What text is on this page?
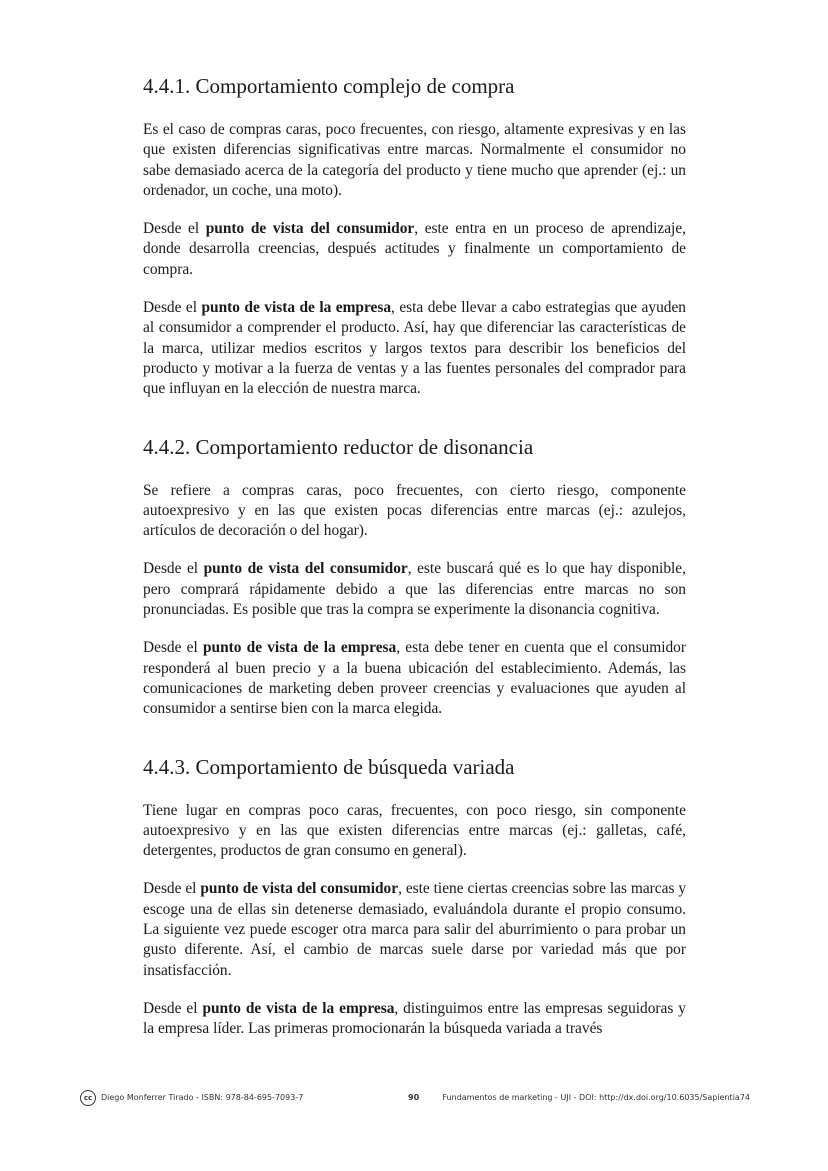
4.4.1. Comportamiento complejo de compra

Es el caso de compras caras, poco frecuentes, con riesgo, altamente expresivas y en las que existen diferencias significativas entre marcas. Normalmente el consumidor no sabe demasiado acerca de la categoría del producto y tiene mucho que aprender (ej.: un ordenador, un coche, una moto).

Desde el punto de vista del consumidor, este entra en un proceso de aprendizaje, donde desarrolla creencias, después actitudes y finalmente un comportamiento de compra.

Desde el punto de vista de la empresa, esta debe llevar a cabo estrategias que ayuden al consumidor a comprender el producto. Así, hay que diferenciar las características de la marca, utilizar medios escritos y largos textos para describir los beneficios del producto y motivar a la fuerza de ventas y a las fuentes personales del comprador para que influyan en la elección de nuestra marca.

4.4.2. Comportamiento reductor de disonancia

Se refiere a compras caras, poco frecuentes, con cierto riesgo, componente autoexpresivo y en las que existen pocas diferencias entre marcas (ej.: azulejos, artículos de decoración o del hogar).

Desde el punto de vista del consumidor, este buscará qué es lo que hay disponible, pero comprará rápidamente debido a que las diferencias entre marcas no son pronunciadas. Es posible que tras la compra se experimente la disonancia cognitiva.

Desde el punto de vista de la empresa, esta debe tener en cuenta que el consumidor responderá al buen precio y a la buena ubicación del establecimiento. Además, las comunicaciones de marketing deben proveer creencias y evaluaciones que ayuden al consumidor a sentirse bien con la marca elegida.

4.4.3. Comportamiento de búsqueda variada

Tiene lugar en compras poco caras, frecuentes, con poco riesgo, sin componente autoexpresivo y en las que existen diferencias entre marcas (ej.: galletas, café, detergentes, productos de gran consumo en general).

Desde el punto de vista del consumidor, este tiene ciertas creencias sobre las marcas y escoge una de ellas sin detenerse demasiado, evaluándola durante el propio consumo. La siguiente vez puede escoger otra marca para salir del aburrimiento o para probar un gusto diferente. Así, el cambio de marcas suele darse por variedad más que por insatisfacción.

Desde el punto de vista de la empresa, distinguimos entre las empresas seguidoras y la empresa líder. Las primeras promocionarán la búsqueda variada a través

cc	Diego Monferrer Tirado - ISBN: 978-84-695-7093-7	90	Fundamentos de marketing - UJI - DOI: http://dx.doi.org/10.6035/Sapientia74
